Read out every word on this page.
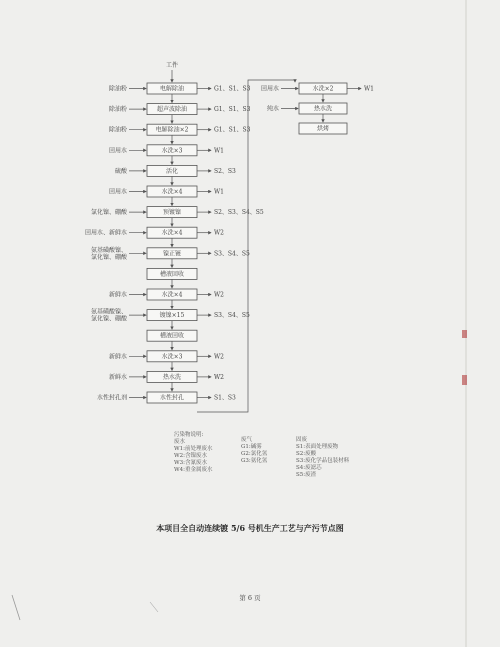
工件
电解除油
除油粉	G1、S1、S3
超声波除油
除油粉	G1、S1、S3
电解除油×2
除油粉	G1、S1、S3
水洗×3
回用水	W1
活化
硫酸	S2、S3
水洗×4
回用水	W1
预镀镍
氯化镍、硼酸	S2、S3、S4、S5
水洗×4
回用水、新鲜水	W2
镍正镀
氨基磺酸镍、
氯化镍、硼酸	S3、S4、S5
槽液回收
水洗×4
新鲜水	W2
镀镍×15
氨基磺酸镍、
氯化镍、硼酸	S3、S4、S5
槽液回收
水洗×3
新鲜水	W2
热水洗
新鲜水	W2
水性封孔
水性封孔剂	S1、S3
水洗×2
回用水	W1
热水洗
纯水
烘烤
污染物说明:
废水
W1:前处理废水
W2:含镍废水
W3:含氰废水
W4:重金属废水
废气
G1:碱雾
G2:氯化氢
G3:氨化氢
固废
S1:表面处理废物
S2:废酸
S3:废化学品包装材料
S4:废滤芯
S5:废渣
本项目全自动连续镀 5/6 号机生产工艺与产污节点图
第 6 页
